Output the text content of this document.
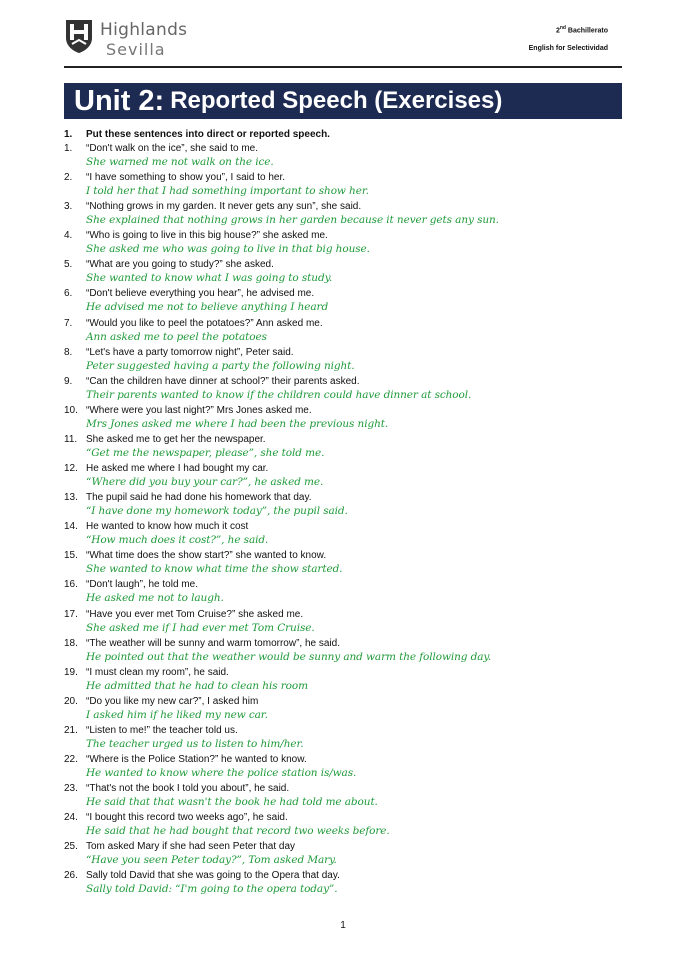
Highlands
Sevilla
2nd Bachillerato
English for Selectividad
Unit 2: Reported Speech (Exercises)
1. Put these sentences into direct or reported speech.
1. “Don't walk on the ice”, she said to me.
She warned me not walk on the ice.
2. “I have something to show you”, I said to her.
I told her that I had something important to show her.
3. “Nothing grows in my garden. It never gets any sun”, she said.
She explained that nothing grows in her garden because it never gets any sun.
4. “Who is going to live in this big house?” she asked me.
She asked me who was going to live in that big house.
5. “What are you going to study?” she asked.
She wanted to know what I was going to study.
6. “Don't believe everything you hear”, he advised me.
He advised me not to believe anything I heard
7. “Would you like to peel the potatoes?” Ann asked me.
Ann asked me to peel the potatoes
8. “Let's have a party tomorrow night”, Peter said.
Peter suggested having a party the following night.
9. “Can the children have dinner at school?” their parents asked.
Their parents wanted to know if the children could have dinner at school.
10. “Where were you last night?” Mrs Jones asked me.
Mrs Jones asked me where I had been the previous night.
11. She asked me to get her the newspaper.
“Get me the newspaper, please”, she told me.
12. He asked me where I had bought my car.
“Where did you buy your car?”, he asked me.
13. The pupil said he had done his homework that day.
“I have done my homework today”, the pupil said.
14. He wanted to know how much it cost
“How much does it cost?”, he said.
15. “What time does the show start?” she wanted to know.
She wanted to know what time the show started.
16. “Don't laugh”, he told me.
He asked me not to laugh.
17. “Have you ever met Tom Cruise?” she asked me.
She asked me if I had ever met Tom Cruise.
18. “The weather will be sunny and warm tomorrow”, he said.
He pointed out that the weather would be sunny and warm the following day.
19. “I must clean my room”, he said.
He admitted that he had to clean his room
20. “Do you like my new car?”, I asked him
I asked him if he liked my new car.
21. “Listen to me!” the teacher told us.
The teacher urged us to listen to him/her.
22. “Where is the Police Station?” he wanted to know.
He wanted to know where the police station is/was.
23. “That's not the book I told you about”, he said.
He said that that wasn't the book he had told me about.
24. “I bought this record two weeks ago”, he said.
He said that he had bought that record two weeks before.
25. Tom asked Mary if she had seen Peter that day
“Have you seen Peter today?”, Tom asked Mary.
26. Sally told David that she was going to the Opera that day.
Sally told David: “I'm going to the opera today”.
1
